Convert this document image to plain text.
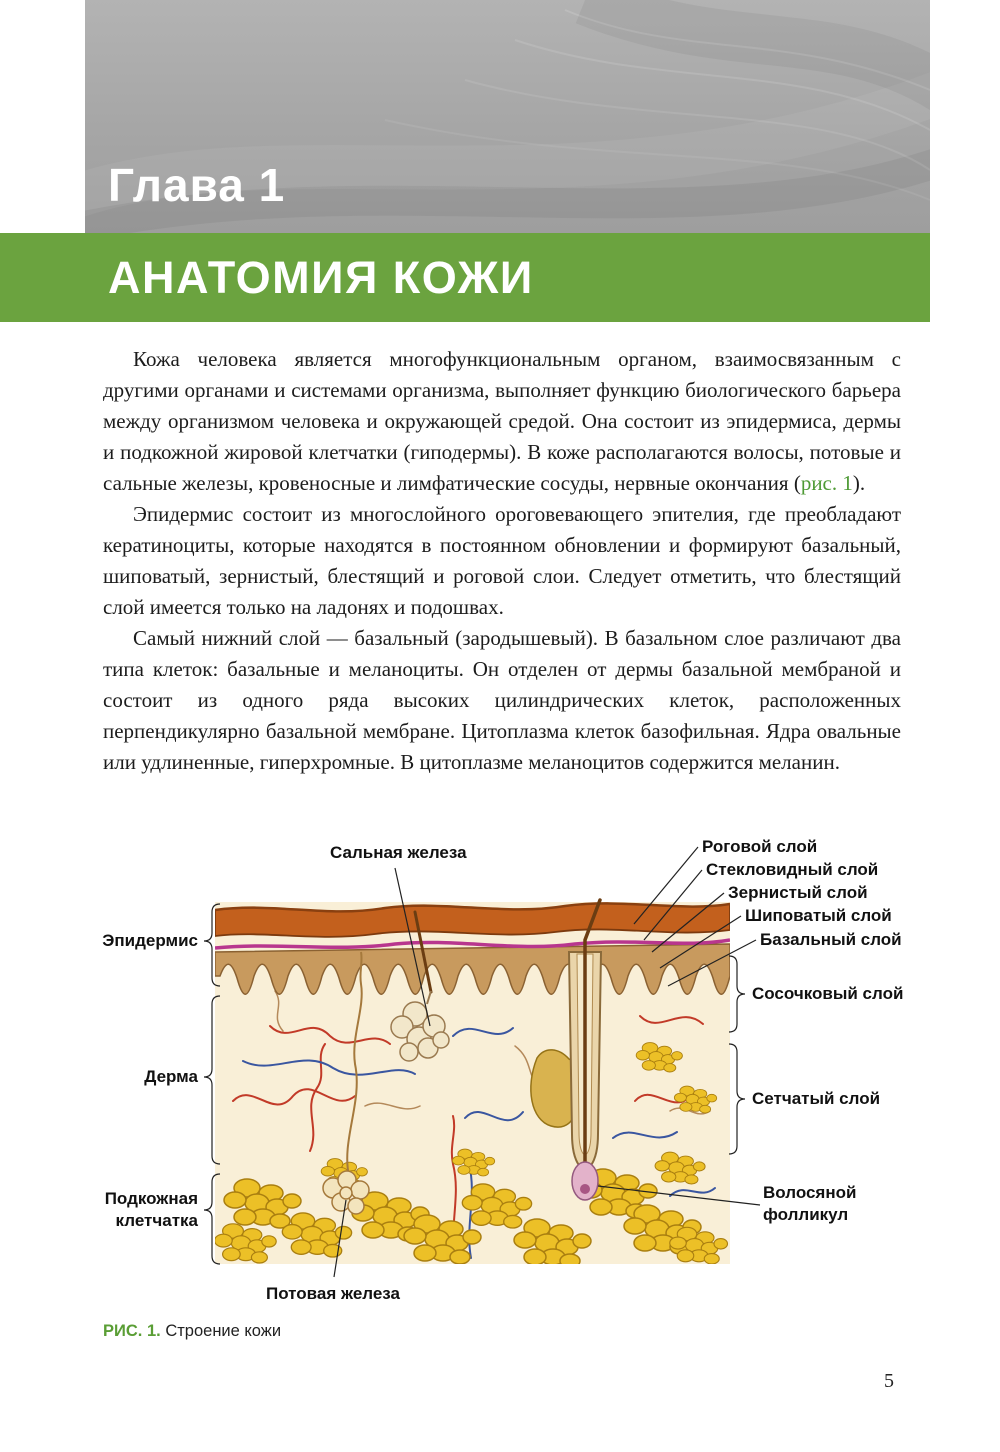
Глава 1
АНАТОМИЯ КОЖИ

Кожа человека является многофункциональным органом, взаимосвязанным с другими органами и системами организма, выполняет функцию биологического барьера между организмом человека и окружающей средой. Она состоит из эпидермиса, дермы и подкожной жировой клетчатки (гиподермы). В коже располагаются волосы, потовые и сальные железы, кровеносные и лимфатические сосуды, нервные окончания (рис. 1).

Эпидермис состоит из многослойного ороговевающего эпителия, где преобладают кератиноциты, которые находятся в постоянном обновлении и формируют базальный, шиповатый, зернистый, блестящий и роговой слои. Следует отметить, что блестящий слой имеется только на ладонях и подошвах.

Самый нижний слой — базальный (зародышевый). В базальном слое различают два типа клеток: базальные и меланоциты. Он отделен от дермы базальной мембраной и состоит из одного ряда высоких цилиндрических клеток, расположенных перпендикулярно базальной мембране. Цитоплазма клеток базофильная. Ядра овальные или удлиненные, гиперхромные. В цитоплазме меланоцитов содержится меланин.

Сальная железа
Потовая железа
Эпидермис
Дерма
Подкожная клетчатка
Роговой слой
Стекловидный слой
Зернистый слой
Шиповатый слой
Базальный слой
Сосочковый слой
Сетчатый слой
Волосяной фолликул
РИС. 1. Строение кожи
5
